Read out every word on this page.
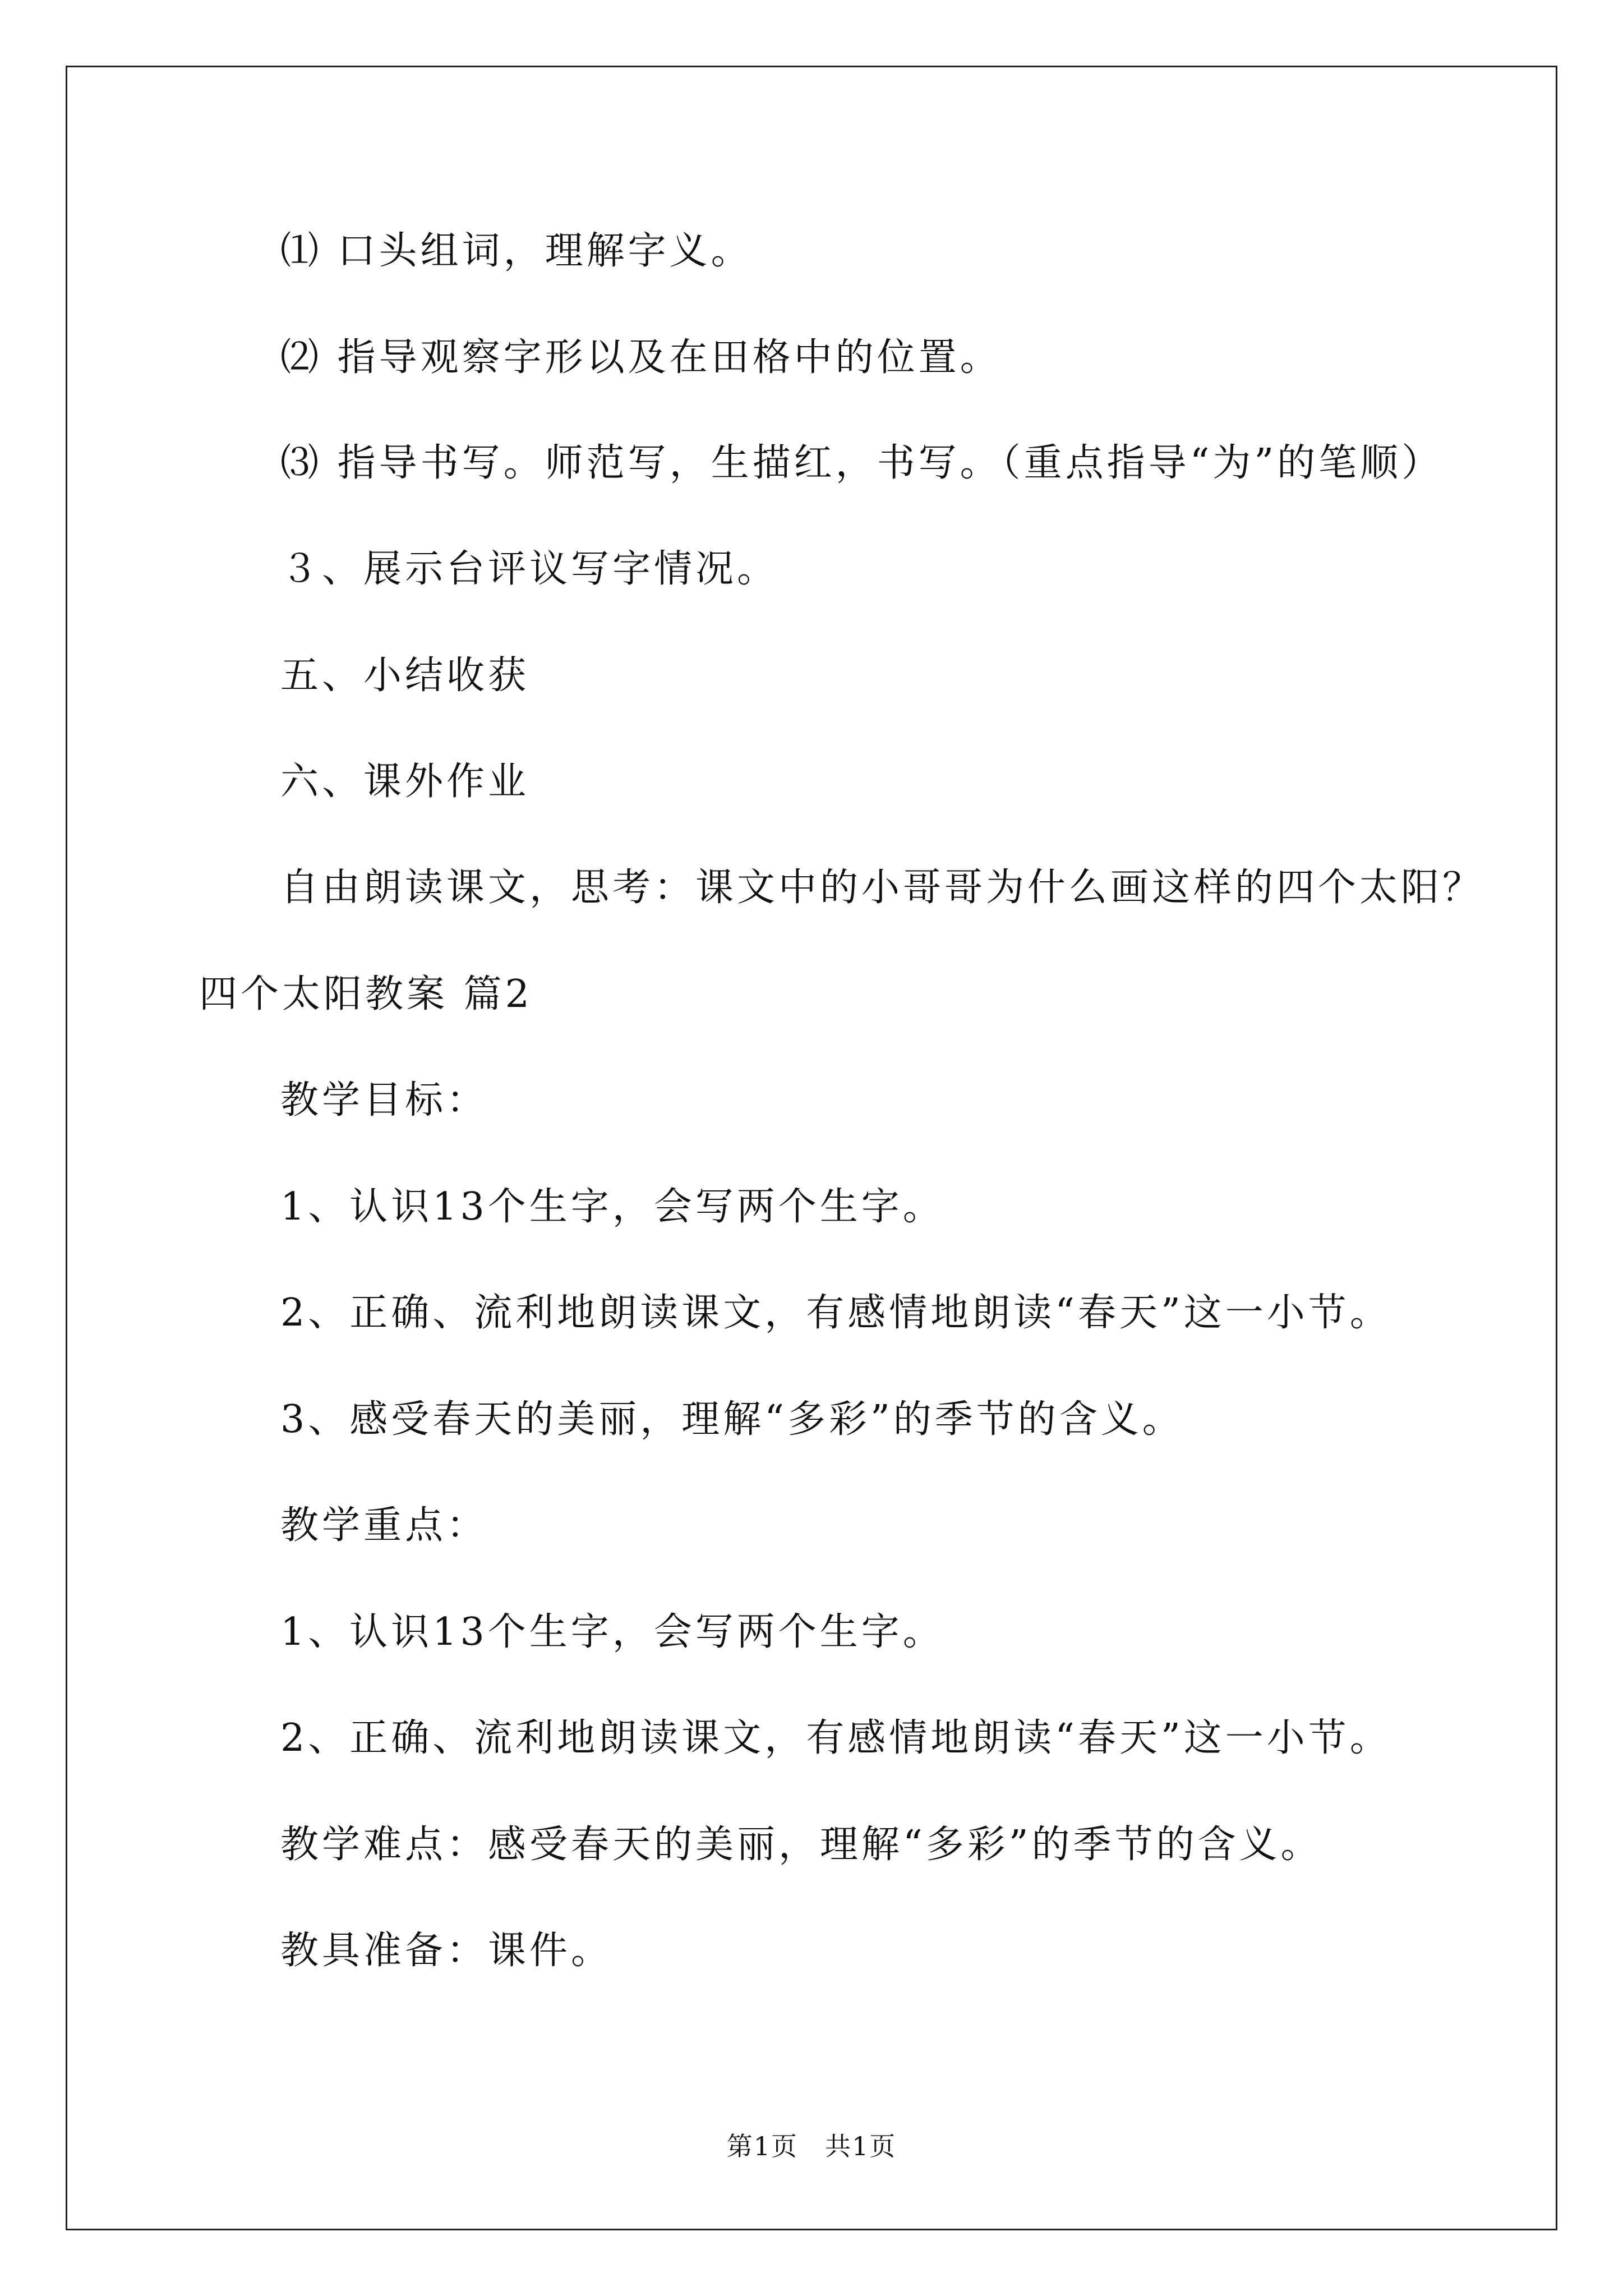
⑴ 口头组词，理解字义。
⑵ 指导观察字形以及在田格中的位置。
⑶ 指导书写。师范写，生描红，书写。（重点指导“为”的笔顺）
３、展示台评议写字情况。
五、小结收获
六、课外作业
自由朗读课文，思考：课文中的小哥哥为什么画这样的四个太阳？
四个太阳教案 篇2
教学目标：
1、认识13个生字，会写两个生字。
2、正确、流利地朗读课文，有感情地朗读“春天”这一小节。
3、感受春天的美丽，理解“多彩”的季节的含义。
教学重点：
1、认识13个生字，会写两个生字。
2、正确、流利地朗读课文，有感情地朗读“春天”这一小节。
教学难点：感受春天的美丽，理解“多彩”的季节的含义。
教具准备：课件。
第1页　共1页
